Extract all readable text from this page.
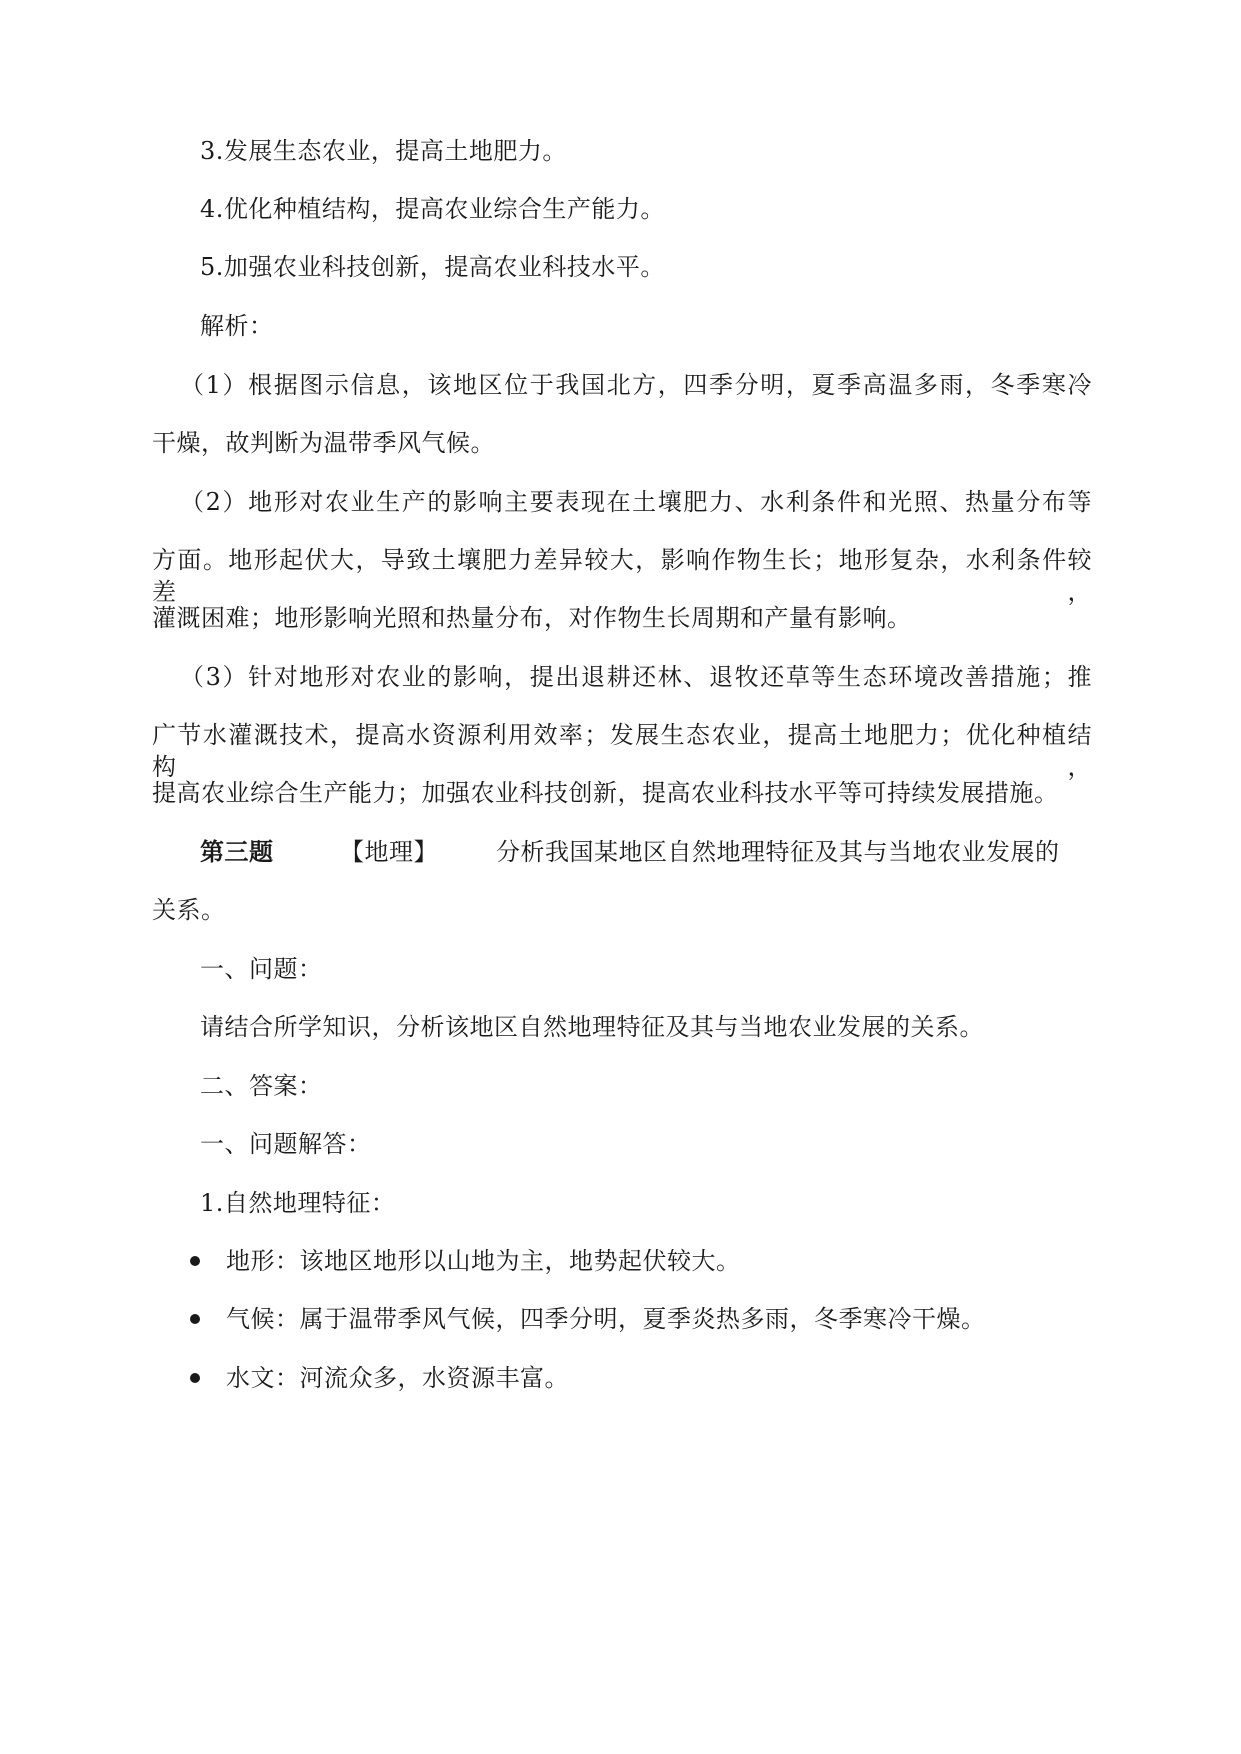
3.发展生态农业，提高土地肥力。
4.优化种植结构，提高农业综合生产能力。
5.加强农业科技创新，提高农业科技水平。
解析：
（1）根据图示信息，该地区位于我国北方，四季分明，夏季高温多雨，冬季寒冷
干燥，故判断为温带季风气候。
（2）地形对农业生产的影响主要表现在土壤肥力、水利条件和光照、热量分布等
方面。地形起伏大，导致土壤肥力差异较大，影响作物生长；地形复杂，水利条件较差，
灌溉困难；地形影响光照和热量分布，对作物生长周期和产量有影响。
（3）针对地形对农业的影响，提出退耕还林、退牧还草等生态环境改善措施；推
广节水灌溉技术，提高水资源利用效率；发展生态农业，提高土地肥力；优化种植结构，
提高农业综合生产能力；加强农业科技创新，提高农业科技水平等可持续发展措施。
第三题	【地理】 分析我国某地区自然地理特征及其与当地农业发展的
关系。
一、问题：
请结合所学知识，分析该地区自然地理特征及其与当地农业发展的关系。
二、答案：
一、问题解答：
1.自然地理特征：
地形：该地区地形以山地为主，地势起伏较大。
气候：属于温带季风气候，四季分明，夏季炎热多雨，冬季寒冷干燥。
水文：河流众多，水资源丰富。
